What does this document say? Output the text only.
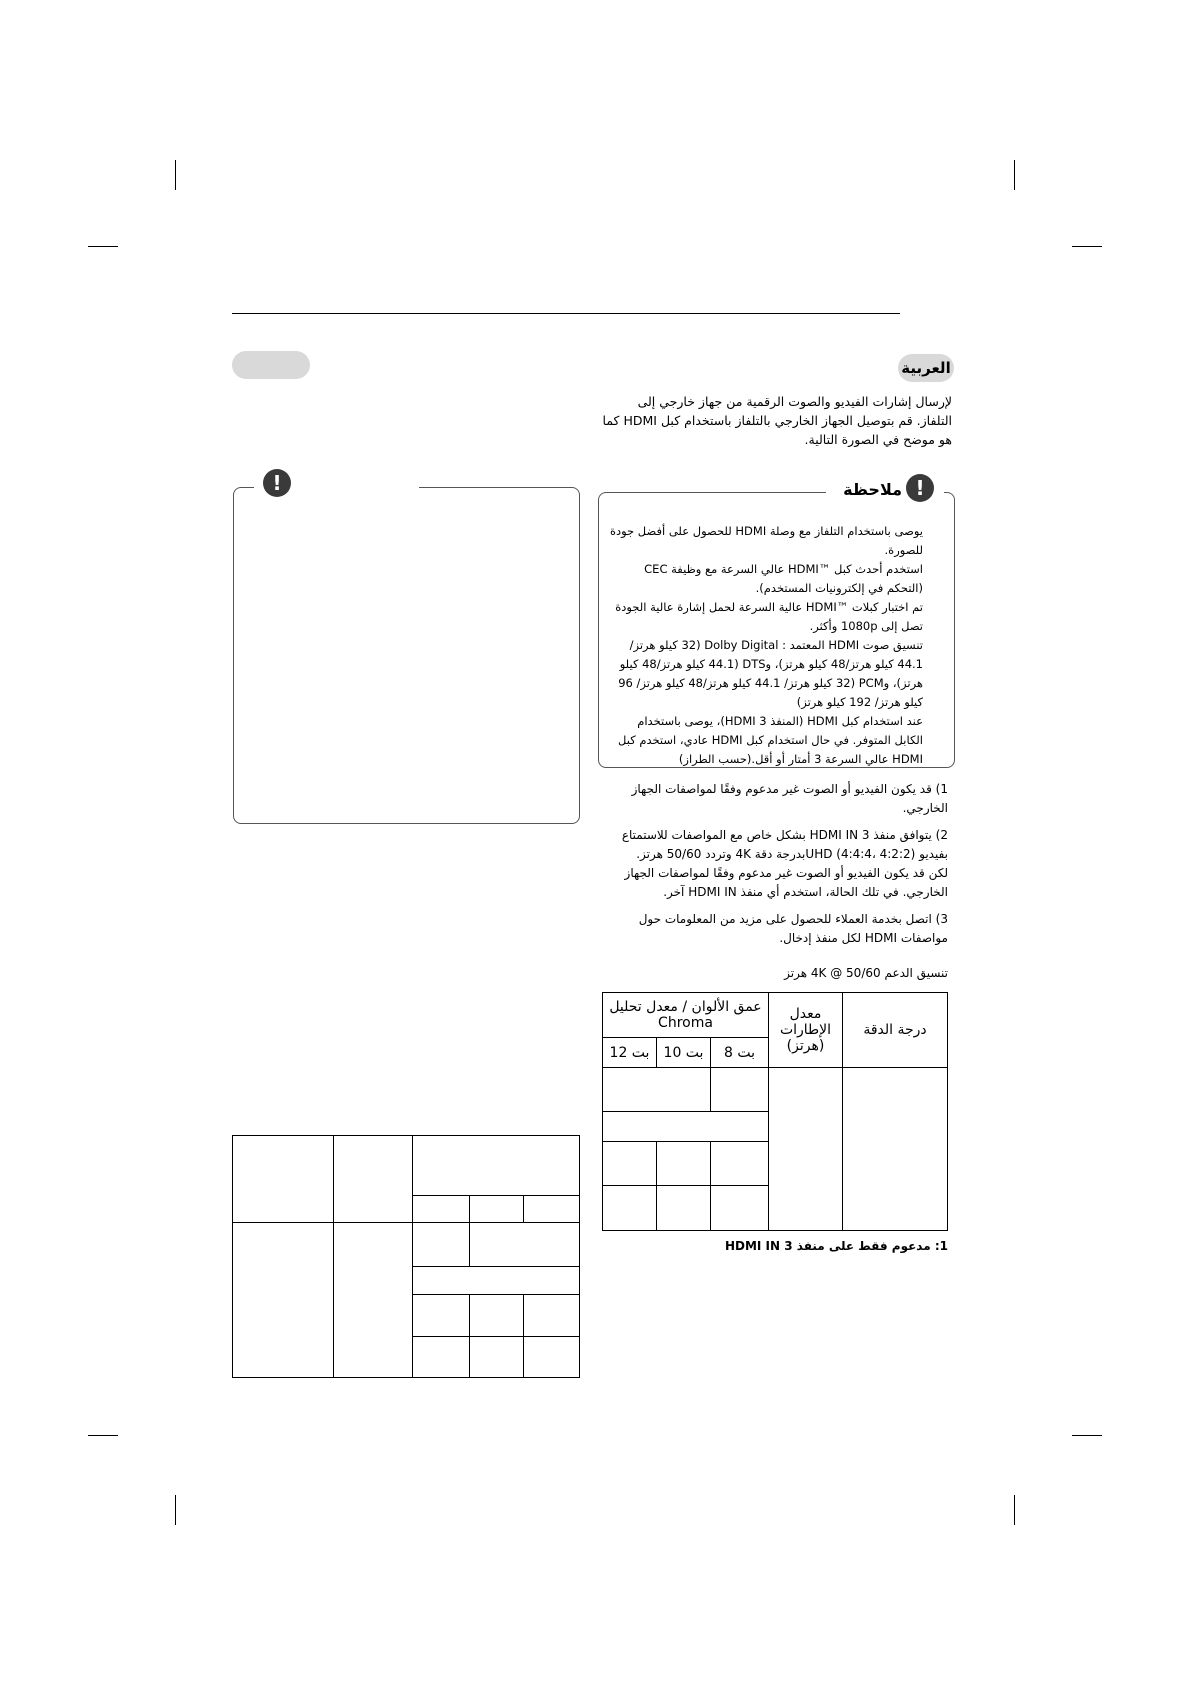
!
العربية
لإرسال إشارات الفيديو والصوت الرقمية من جهاز خارجي إلى التلفاز. قم بتوصيل الجهاز الخارجي بالتلفاز باستخدام كبل HDMI كما هو موضح في الصورة التالية.
!
ملاحظة
يوصى باستخدام التلفاز مع وصلة HDMI للحصول على أفضل جودة للصورة.
استخدم أحدث كبل ™HDMI عالي السرعة مع وظيفة CEC (التحكم في إلكترونيات المستخدم).
تم اختبار كبلات ™HDMI عالية السرعة لحمل إشارة عالية الجودة تصل إلى 1080p وأكثر.
تنسيق صوت HDMI المعتمد : Dolby Digital (32 كيلو هرتز/ 44.1 كيلو هرتز/48 كيلو هرتز)، وDTS (44.1 كيلو هرتز/48 كيلو هرتز)، وPCM (32 كيلو هرتز/ 44.1 كيلو هرتز/48 كيلو هرتز/ 96 كيلو هرتز/ 192 كيلو هرتز)
عند استخدام كبل HDMI (المنفذ HDMI 3)، يوصى باستخدام الكابل المتوفر. في حال استخدام كبل HDMI عادي، استخدم كبل HDMI عالي السرعة 3 أمتار أو أقل.(حسب الطراز)
1) قد يكون الفيديو أو الصوت غير مدعوم وفقًا لمواصفات الجهاز الخارجي.
2) يتوافق منفذ HDMI IN 3 بشكل خاص مع المواصفات للاستمتاع بفيديو UHD (4:4:4، 4:2:2)بدرجة دقة 4K وتردد 50/60 هرتز. لكن قد يكون الفيديو أو الصوت غير مدعوم وفقًا لمواصفات الجهاز الخارجي. في تلك الحالة، استخدم أي منفذ HDMI IN آخر.
3) اتصل بخدمة العملاء للحصول على مزيد من المعلومات حول مواصفات HDMI لكل منفذ إدخال.
تنسيق الدعم 50/60 @ 4K هرتز
درجة الدقة
معدل الإطارات (هرتز)
عمق الألوان / معدل تحليل Chroma
8 بت
10 بت
12 بت
1: مدعوم فقط على منفذ HDMI IN 3
